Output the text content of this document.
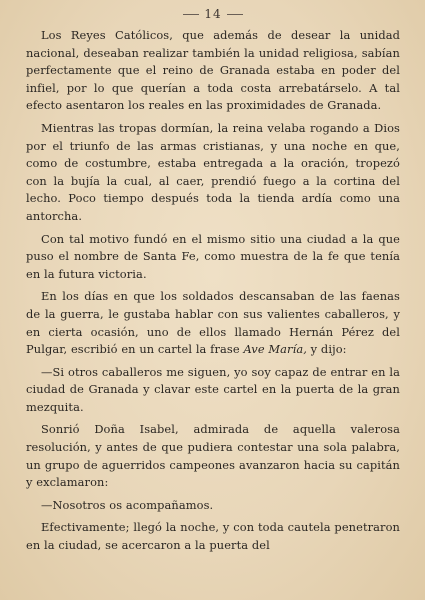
14

Los Reyes Católicos, que además de desear la unidad nacional, deseaban realizar también la unidad religiosa, sabían perfectamente que el reino de Granada estaba en poder del infiel, por lo que querían a toda costa arrebatárselo. A tal efecto asentaron los reales en las proximidades de Granada.

Mientras las tropas dormían, la reina velaba rogando a Dios por el triunfo de las armas cristianas, y una noche en que, como de costumbre, estaba entregada a la oración, tropezó con la bujía la cual, al caer, prendió fuego a la cortina del lecho. Poco tiempo después toda la tienda ardía como una antorcha.

Con tal motivo fundó en el mismo sitio una ciudad a la que puso el nombre de Santa Fe, como muestra de la fe que tenía en la futura victoria.

En los días en que los soldados descansaban de las faenas de la guerra, le gustaba hablar con sus valientes caballeros, y en cierta ocasión, uno de ellos llamado Hernán Pérez del Pulgar, escribió en un cartel la frase Ave María, y dijo:

—Si otros caballeros me siguen, yo soy capaz de entrar en la ciudad de Granada y clavar este cartel en la puerta de la gran mezquita.

Sonrió Doña Isabel, admirada de aquella valerosa resolución, y antes de que pudiera contestar una sola palabra, un grupo de aguerridos campeones avanzaron hacia su capitán y exclamaron:

—Nosotros os acompañamos.

Efectivamente; llegó la noche, y con toda cautela penetraron en la ciudad, se acercaron a la puerta del
